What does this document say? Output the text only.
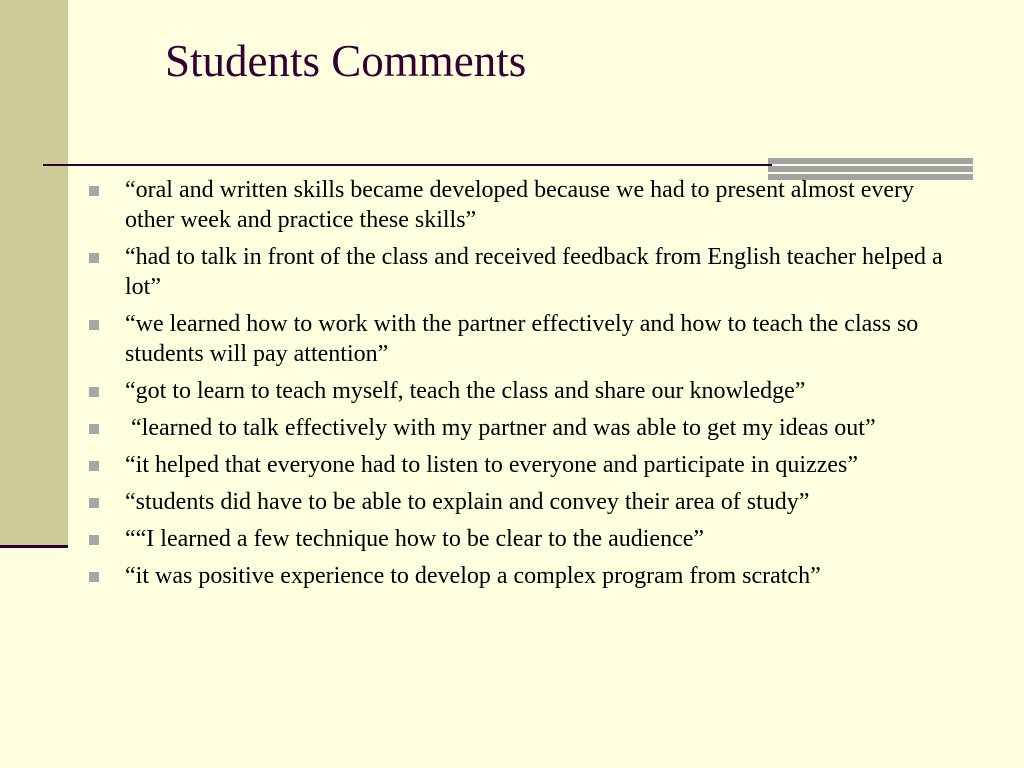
Students Comments
“oral and written skills became developed because we had to present almost every other week and practice these skills”
“had to talk in front of the class and received feedback from English teacher helped a lot”
“we learned how to work with the partner effectively and how to teach the class so students will pay attention”
“got to learn to teach myself, teach the class and share our knowledge”
“learned to talk effectively with my partner and was able to get my ideas out”
“it helped that everyone had to listen to everyone and participate in quizzes”
“students did have to be able to explain and convey their area of study”
““I learned a few technique how to be clear to the audience”
“it was positive experience to develop a complex program from scratch”
